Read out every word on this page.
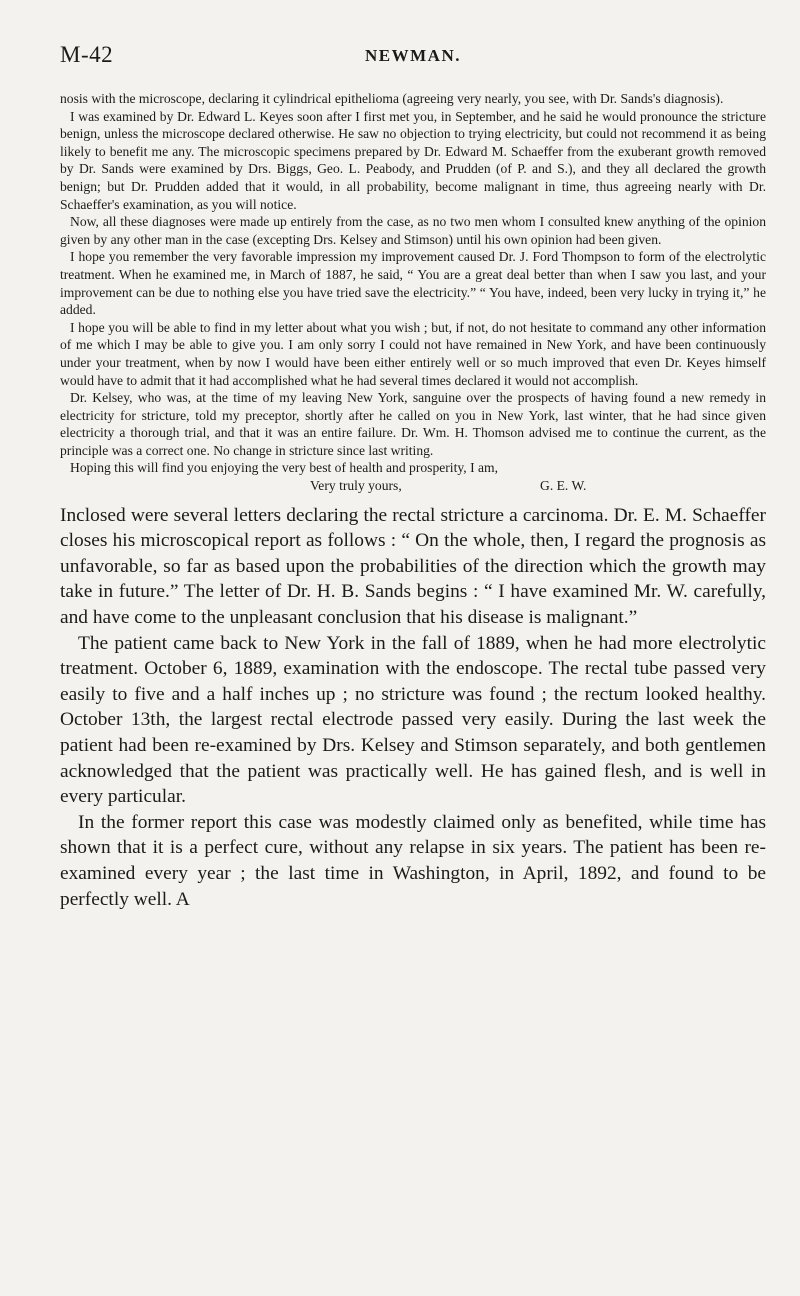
M-42	NEWMAN.

nosis with the microscope, declaring it cylindrical epithelioma (agreeing very nearly, you see, with Dr. Sands's diagnosis).

I was examined by Dr. Edward L. Keyes soon after I first met you, in September, and he said he would pronounce the stricture benign, unless the microscope declared otherwise. He saw no objection to trying electricity, but could not recommend it as being likely to benefit me any. The microscopic specimens prepared by Dr. Edward M. Schaeffer from the exuberant growth removed by Dr. Sands were examined by Drs. Biggs, Geo. L. Peabody, and Prudden (of P. and S.), and they all declared the growth benign; but Dr. Prudden added that it would, in all probability, become malignant in time, thus agreeing nearly with Dr. Schaeffer's examination, as you will notice.

Now, all these diagnoses were made up entirely from the case, as no two men whom I consulted knew anything of the opinion given by any other man in the case (excepting Drs. Kelsey and Stimson) until his own opinion had been given.

I hope you remember the very favorable impression my improvement caused Dr. J. Ford Thompson to form of the electrolytic treatment. When he examined me, in March of 1887, he said, “ You are a great deal better than when I saw you last, and your improvement can be due to nothing else you have tried save the electricity.” “ You have, indeed, been very lucky in trying it,” he added.

I hope you will be able to find in my letter about what you wish ; but, if not, do not hesitate to command any other information of me which I may be able to give you. I am only sorry I could not have remained in New York, and have been continuously under your treatment, when by now I would have been either entirely well or so much improved that even Dr. Keyes himself would have to admit that it had accomplished what he had several times declared it would not accomplish.

Dr. Kelsey, who was, at the time of my leaving New York, sanguine over the prospects of having found a new remedy in electricity for stricture, told my preceptor, shortly after he called on you in New York, last winter, that he had since given electricity a thorough trial, and that it was an entire failure. Dr. Wm. H. Thomson advised me to continue the current, as the principle was a correct one. No change in stricture since last writing.

Hoping this will find you enjoying the very best of health and prosperity, I am,

Very truly yours,	G. E. W.

Inclosed were several letters declaring the rectal stricture a carcinoma. Dr. E. M. Schaeffer closes his microscopical report as follows : “ On the whole, then, I regard the prognosis as unfavorable, so far as based upon the probabilities of the direction which the growth may take in future.” The letter of Dr. H. B. Sands begins : “ I have examined Mr. W. carefully, and have come to the unpleasant conclusion that his disease is malignant.”

The patient came back to New York in the fall of 1889, when he had more electrolytic treatment. October 6, 1889, examination with the endoscope. The rectal tube passed very easily to five and a half inches up ; no stricture was found ; the rectum looked healthy. October 13th, the largest rectal electrode passed very easily. During the last week the patient had been re-examined by Drs. Kelsey and Stimson separately, and both gentlemen acknowledged that the patient was practically well. He has gained flesh, and is well in every particular.

In the former report this case was modestly claimed only as benefited, while time has shown that it is a perfect cure, without any relapse in six years. The patient has been re-examined every year ; the last time in Washington, in April, 1892, and found to be perfectly well. A
